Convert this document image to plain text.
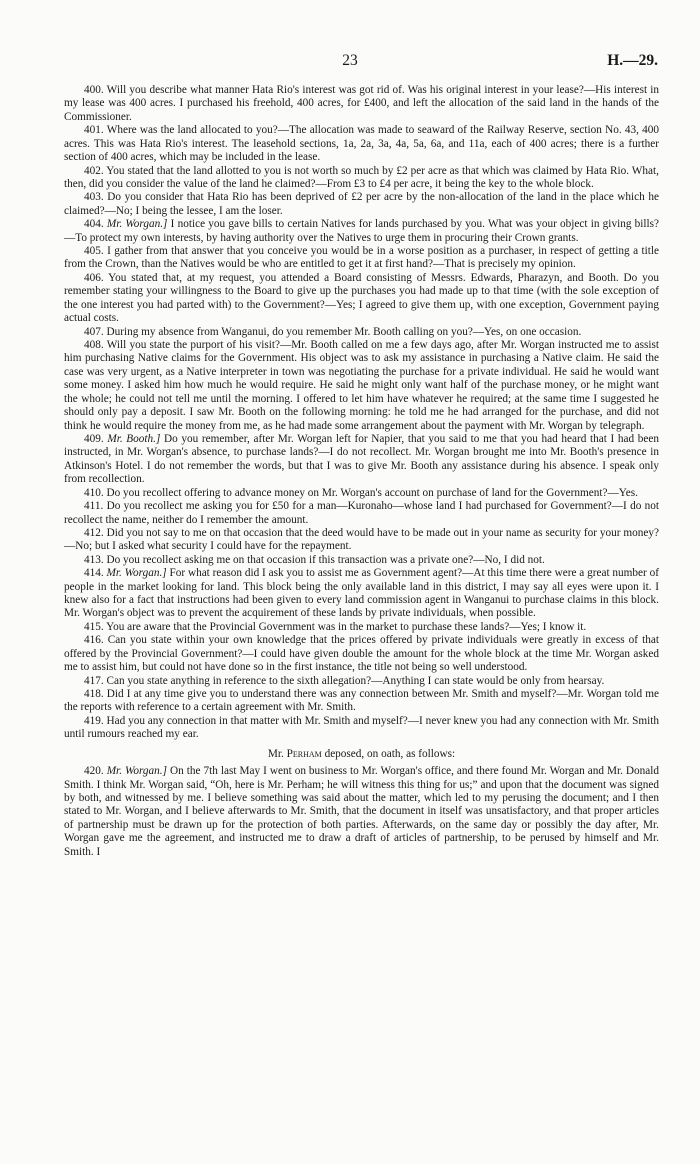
23	H.—29.

400. Will you describe what manner Hata Rio's interest was got rid of. Was his original interest in your lease?—His interest in my lease was 400 acres. I purchased his freehold, 400 acres, for £400, and left the allocation of the said land in the hands of the Commissioner.

401. Where was the land allocated to you?—The allocation was made to seaward of the Railway Reserve, section No. 43, 400 acres. This was Hata Rio's interest. The leasehold sections, 1a, 2a, 3a, 4a, 5a, 6a, and 11a, each of 400 acres; there is a further section of 400 acres, which may be included in the lease.

402. You stated that the land allotted to you is not worth so much by £2 per acre as that which was claimed by Hata Rio. What, then, did you consider the value of the land he claimed?—From £3 to £4 per acre, it being the key to the whole block.

403. Do you consider that Hata Rio has been deprived of £2 per acre by the non-allocation of the land in the place which he claimed?—No; I being the lessee, I am the loser.

404. Mr. Worgan.] I notice you gave bills to certain Natives for lands purchased by you. What was your object in giving bills?—To protect my own interests, by having authority over the Natives to urge them in procuring their Crown grants.

405. I gather from that answer that you conceive you would be in a worse position as a purchaser, in respect of getting a title from the Crown, than the Natives would be who are entitled to get it at first hand?—That is precisely my opinion.

406. You stated that, at my request, you attended a Board consisting of Messrs. Edwards, Pharazyn, and Booth. Do you remember stating your willingness to the Board to give up the purchases you had made up to that time (with the sole exception of the one interest you had parted with) to the Government?—Yes; I agreed to give them up, with one exception, Government paying actual costs.

407. During my absence from Wanganui, do you remember Mr. Booth calling on you?—Yes, on one occasion.

408. Will you state the purport of his visit?—Mr. Booth called on me a few days ago, after Mr. Worgan instructed me to assist him purchasing Native claims for the Government. His object was to ask my assistance in purchasing a Native claim. He said the case was very urgent, as a Native interpreter in town was negotiating the purchase for a private individual. He said he would want some money. I asked him how much he would require. He said he might only want half of the purchase money, or he might want the whole; he could not tell me until the morning. I offered to let him have whatever he required; at the same time I suggested he should only pay a deposit. I saw Mr. Booth on the following morning: he told me he had arranged for the purchase, and did not think he would require the money from me, as he had made some arrangement about the payment with Mr. Worgan by telegraph.

409. Mr. Booth.] Do you remember, after Mr. Worgan left for Napier, that you said to me that you had heard that I had been instructed, in Mr. Worgan's absence, to purchase lands?—I do not recollect. Mr. Worgan brought me into Mr. Booth's presence in Atkinson's Hotel. I do not remember the words, but that I was to give Mr. Booth any assistance during his absence. I speak only from recollection.

410. Do you recollect offering to advance money on Mr. Worgan's account on purchase of land for the Government?—Yes.

411. Do you recollect me asking you for £50 for a man—Kuronaho—whose land I had purchased for Government?—I do not recollect the name, neither do I remember the amount.

412. Did you not say to me on that occasion that the deed would have to be made out in your name as security for your money?—No; but I asked what security I could have for the repayment.

413. Do you recollect asking me on that occasion if this transaction was a private one?—No, I did not.

414. Mr. Worgan.] For what reason did I ask you to assist me as Government agent?—At this time there were a great number of people in the market looking for land. This block being the only available land in this district, I may say all eyes were upon it. I knew also for a fact that instructions had been given to every land commission agent in Wanganui to purchase claims in this block. Mr. Worgan's object was to prevent the acquirement of these lands by private individuals, when possible.

415. You are aware that the Provincial Government was in the market to purchase these lands?—Yes; I know it.

416. Can you state within your own knowledge that the prices offered by private individuals were greatly in excess of that offered by the Provincial Government?—I could have given double the amount for the whole block at the time Mr. Worgan asked me to assist him, but could not have done so in the first instance, the title not being so well understood.

417. Can you state anything in reference to the sixth allegation?—Anything I can state would be only from hearsay.

418. Did I at any time give you to understand there was any connection between Mr. Smith and myself?—Mr. Worgan told me the reports with reference to a certain agreement with Mr. Smith.

419. Had you any connection in that matter with Mr. Smith and myself?—I never knew you had any connection with Mr. Smith until rumours reached my ear.

Mr. Perham deposed, on oath, as follows:

420. Mr. Worgan.] On the 7th last May I went on business to Mr. Worgan's office, and there found Mr. Worgan and Mr. Donald Smith. I think Mr. Worgan said, “Oh, here is Mr. Perham; he will witness this thing for us;” and upon that the document was signed by both, and witnessed by me. I believe something was said about the matter, which led to my perusing the document; and I then stated to Mr. Worgan, and I believe afterwards to Mr. Smith, that the document in itself was unsatisfactory, and that proper articles of partnership must be drawn up for the protection of both parties. Afterwards, on the same day or possibly the day after, Mr. Worgan gave me the agreement, and instructed me to draw a draft of articles of partnership, to be perused by himself and Mr. Smith. I
